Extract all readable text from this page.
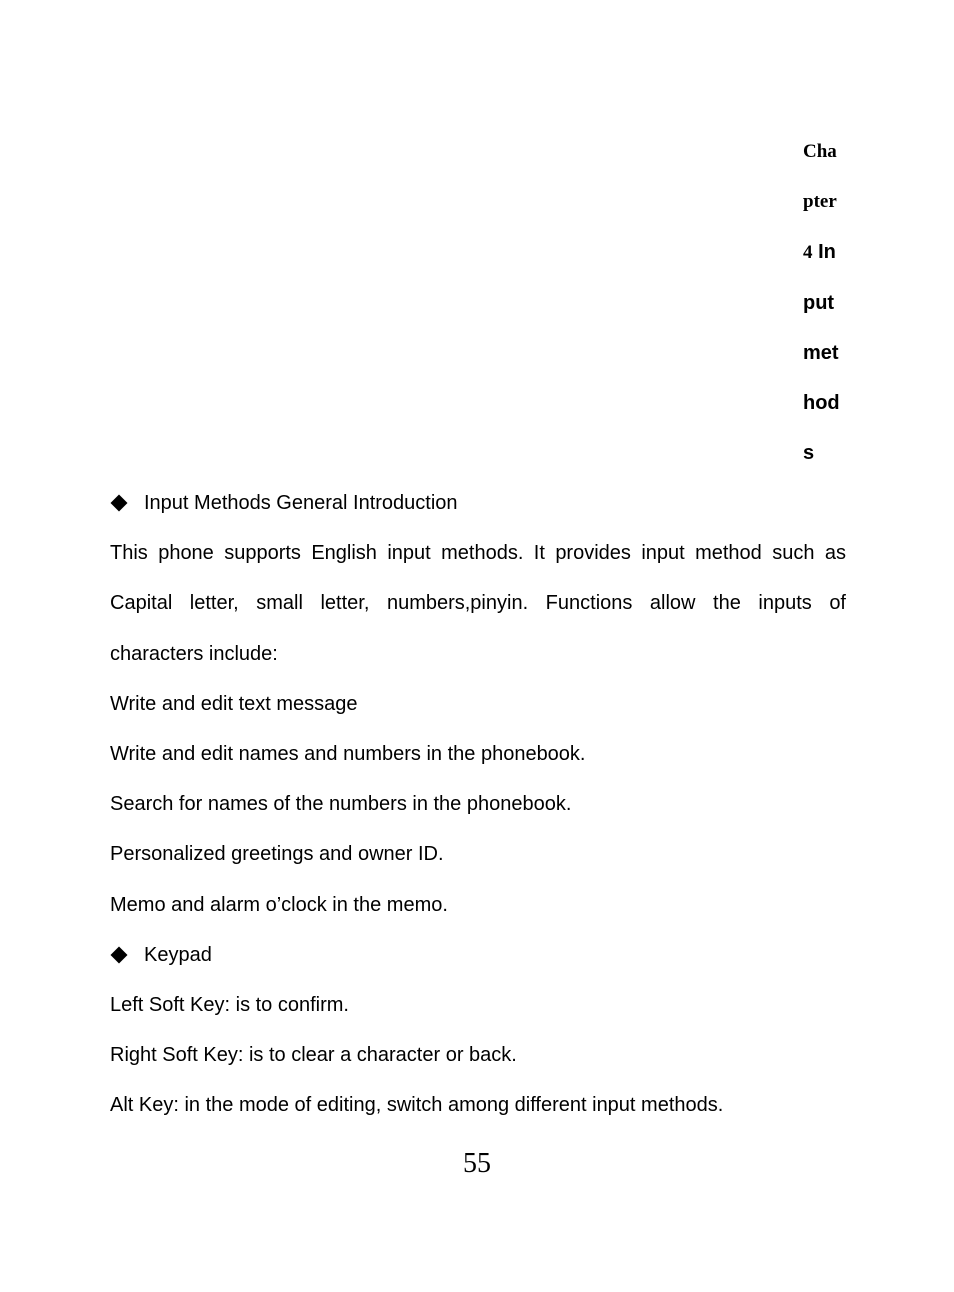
Cha
pter
4 In
put
met
hod
s
Input Methods General Introduction
This phone supports English input methods. It provides input method such as
Capital letter, small letter, numbers,pinyin. Functions allow the inputs of
characters include:
Write and edit text message
Write and edit names and numbers in the phonebook.
Search for names of the numbers in the phonebook.
Personalized greetings and owner ID.
Memo and alarm o’clock in the memo.
Keypad
Left Soft Key: is to confirm.
Right Soft Key: is to clear a character or back.
Alt Key: in the mode of editing, switch among different input methods.
55
